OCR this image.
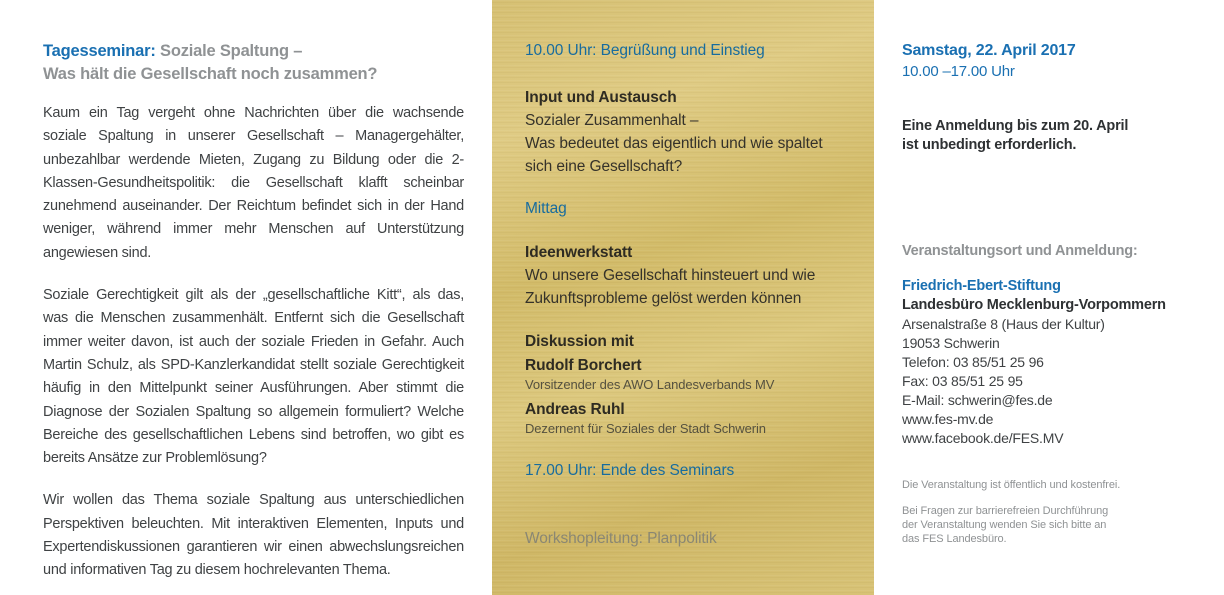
Tagesseminar: Soziale Spaltung –
Was hält die Gesellschaft noch zusammen?

Kaum ein Tag vergeht ohne Nachrichten über die wachsende soziale Spaltung in unserer Gesellschaft – Managergehälter, unbezahlbar werdende Mieten, Zugang zu Bildung oder die 2-Klassen-Gesundheitspolitik: die Gesellschaft klafft scheinbar zunehmend auseinander. Der Reichtum befindet sich in der Hand weniger, während immer mehr Menschen auf Unterstützung angewiesen sind.

Soziale Gerechtigkeit gilt als der „gesellschaftliche Kitt“, als das, was die Menschen zusammenhält. Entfernt sich die Gesellschaft immer weiter davon, ist auch der soziale Frieden in Gefahr. Auch Martin Schulz, als SPD-Kanzlerkandidat stellt soziale Gerechtigkeit häufig in den Mittelpunkt seiner Ausführungen. Aber stimmt die Diagnose der Sozialen Spaltung so allgemein formuliert? Welche Bereiche des gesellschaftlichen Lebens sind betroffen, wo gibt es bereits Ansätze zur Problemlösung?

Wir wollen das Thema soziale Spaltung aus unterschiedlichen Perspektiven beleuchten. Mit interaktiven Elementen, Inputs und Expertendiskussionen garantieren wir einen abwechslungsreichen und informativen Tag zu diesem hochrelevanten Thema.

10.00 Uhr: Begrüßung und Einstieg
Input und Austausch
Sozialer Zusammenhalt –
Was bedeutet das eigentlich und wie spaltet
sich eine Gesellschaft?
Mittag
Ideenwerkstatt
Wo unsere Gesellschaft hinsteuert und wie
Zukunftsprobleme gelöst werden können
Diskussion mit
Rudolf Borchert
Vorsitzender des AWO Landesverbands MV
Andreas Ruhl
Dezernent für Soziales der Stadt Schwerin
17.00 Uhr: Ende des Seminars
Workshopleitung: Planpolitik
Samstag, 22. April 2017
10.00 –17.00 Uhr
Eine Anmeldung bis zum 20. April
ist unbedingt erforderlich.
Veranstaltungsort und Anmeldung:
Friedrich-Ebert-Stiftung
Landesbüro Mecklenburg-Vorpommern
Arsenalstraße 8 (Haus der Kultur)
19053 Schwerin
Telefon: 03 85/51 25 96
Fax: 03 85/51 25 95
E-Mail: schwerin@fes.de
www.fes-mv.de
www.facebook.de/FES.MV
Die Veranstaltung ist öffentlich und kostenfrei.
Bei Fragen zur barrierefreien Durchführung
der Veranstaltung wenden Sie sich bitte an
das FES Landesbüro.
